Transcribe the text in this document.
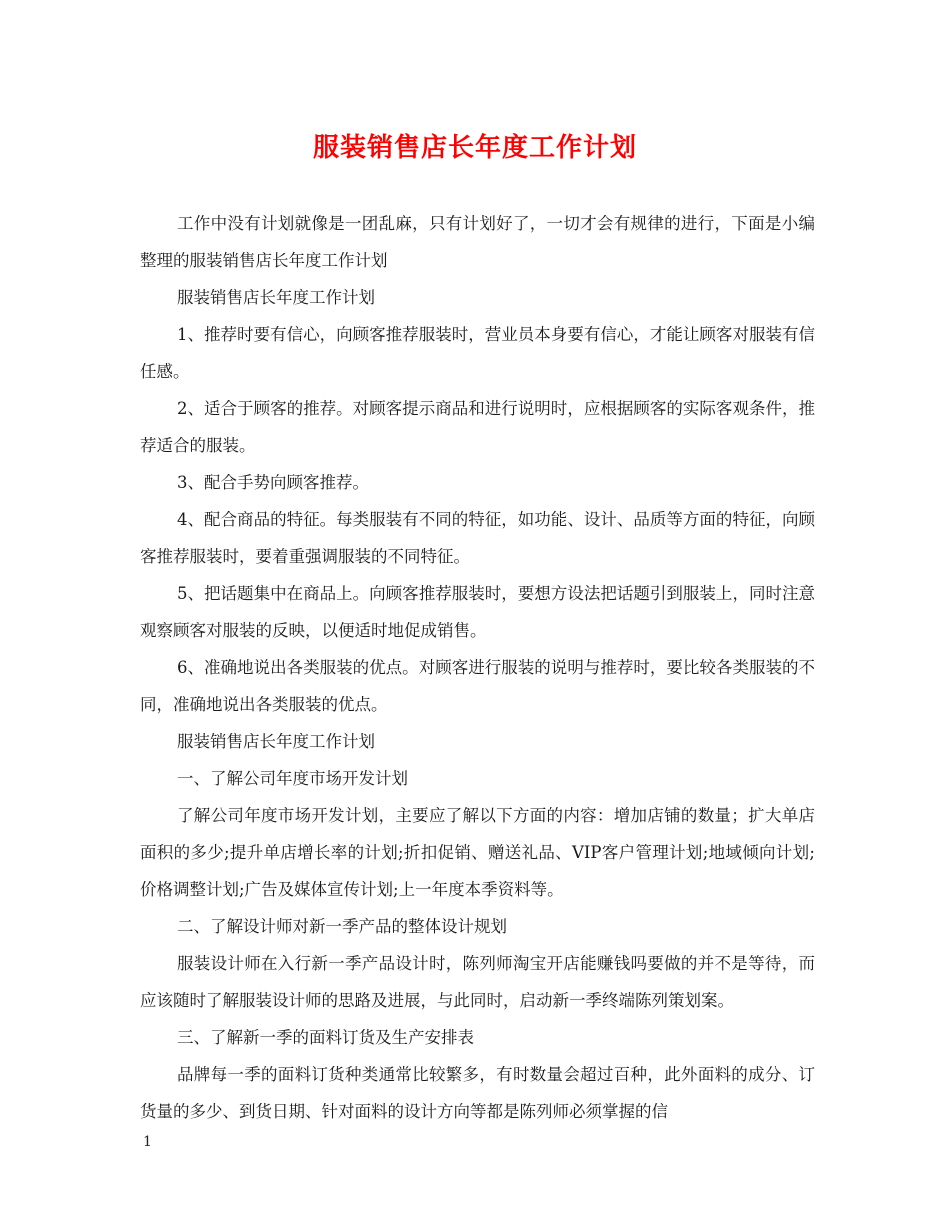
服装销售店长年度工作计划

工作中没有计划就像是一团乱麻，只有计划好了，一切才会有规律的进行，下面是小编整理的服装销售店长年度工作计划

服装销售店长年度工作计划

1、推荐时要有信心，向顾客推荐服装时，营业员本身要有信心，才能让顾客对服装有信任感。

2、适合于顾客的推荐。对顾客提示商品和进行说明时，应根据顾客的实际客观条件，推荐适合的服装。

3、配合手势向顾客推荐。

4、配合商品的特征。每类服装有不同的特征，如功能、设计、品质等方面的特征，向顾客推荐服装时，要着重强调服装的不同特征。

5、把话题集中在商品上。向顾客推荐服装时，要想方设法把话题引到服装上，同时注意观察顾客对服装的反映，以便适时地促成销售。

6、准确地说出各类服装的优点。对顾客进行服装的说明与推荐时，要比较各类服装的不同，准确地说出各类服装的优点。

服装销售店长年度工作计划

一、了解公司年度市场开发计划

了解公司年度市场开发计划，主要应了解以下方面的内容：增加店铺的数量；扩大单店面积的多少;提升单店增长率的计划;折扣促销、赠送礼品、VIP客户管理计划;地域倾向计划;价格调整计划;广告及媒体宣传计划;上一年度本季资料等。

二、了解设计师对新一季产品的整体设计规划

服装设计师在入行新一季产品设计时，陈列师淘宝开店能赚钱吗要做的并不是等待，而应该随时了解服装设计师的思路及进展，与此同时，启动新一季终端陈列策划案。

三、了解新一季的面料订货及生产安排表

品牌每一季的面料订货种类通常比较繁多，有时数量会超过百种，此外面料的成分、订货量的多少、到货日期、针对面料的设计方向等都是陈列师必须掌握的信

1
